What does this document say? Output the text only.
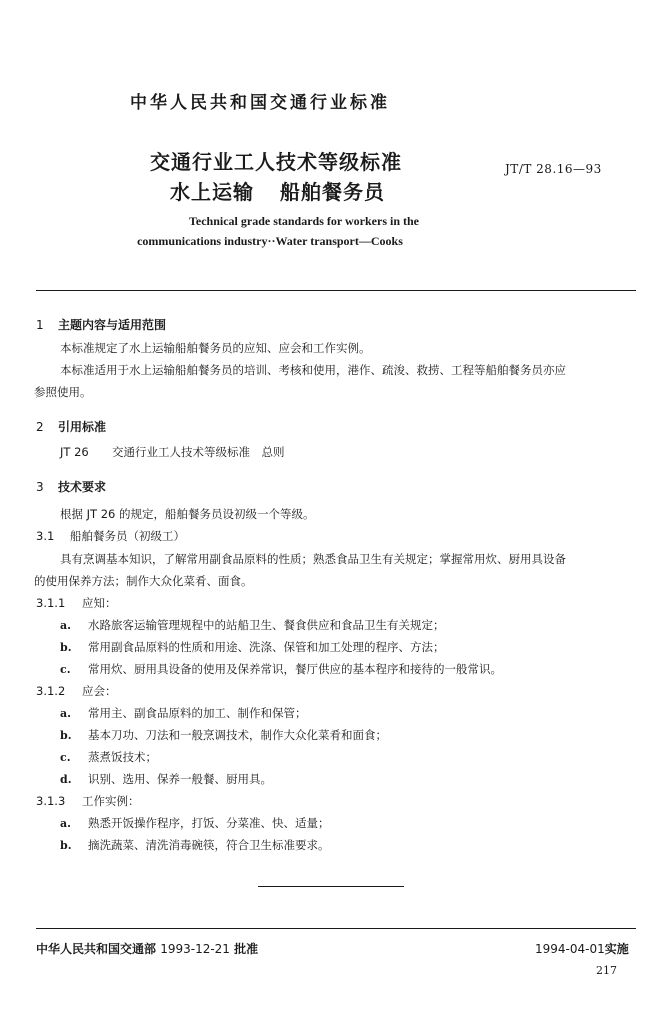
中华人民共和国交通行业标准
交通行业工人技术等级标准
水上运输 船舶餐务员
JT/T 28.16—93
Technical grade standards for workers in the
communications industry··Water transport—Cooks
1 主题内容与适用范围
本标准规定了水上运输船舶餐务员的应知、应会和工作实例。
本标准适用于水上运输船舶餐务员的培训、考核和使用，港作、疏浚、救捞、工程等船舶餐务员亦应
参照使用。
2 引用标准
JT 26 交通行业工人技术等级标准　总则
3 技术要求
根据 JT 26 的规定，船舶餐务员设初级一个等级。
3.1 船舶餐务员（初级工）
具有烹调基本知识，了解常用副食品原料的性质；熟悉食品卫生有关规定；掌握常用炊、厨用具设备
的使用保养方法；制作大众化菜肴、面食。
3.1.1 应知：
a. 水路旅客运输管理规程中的站船卫生、餐食供应和食品卫生有关规定；
b. 常用副食品原料的性质和用途、洗涤、保管和加工处理的程序、方法；
c. 常用炊、厨用具设备的使用及保养常识，餐厅供应的基本程序和接待的一般常识。
3.1.2 应会：
a. 常用主、副食品原料的加工、制作和保管；
b. 基本刀功、刀法和一般烹调技术，制作大众化菜肴和面食；
c. 蒸煮饭技术；
d. 识别、选用、保养一般餐、厨用具。
3.1.3 工作实例：
a. 熟悉开饭操作程序，打饭、分菜准、快、适量；
b. 摘洗蔬菜、清洗消毒碗筷，符合卫生标准要求。
中华人民共和国交通部 1993-12-21 批准	1994-04-01实施
217
